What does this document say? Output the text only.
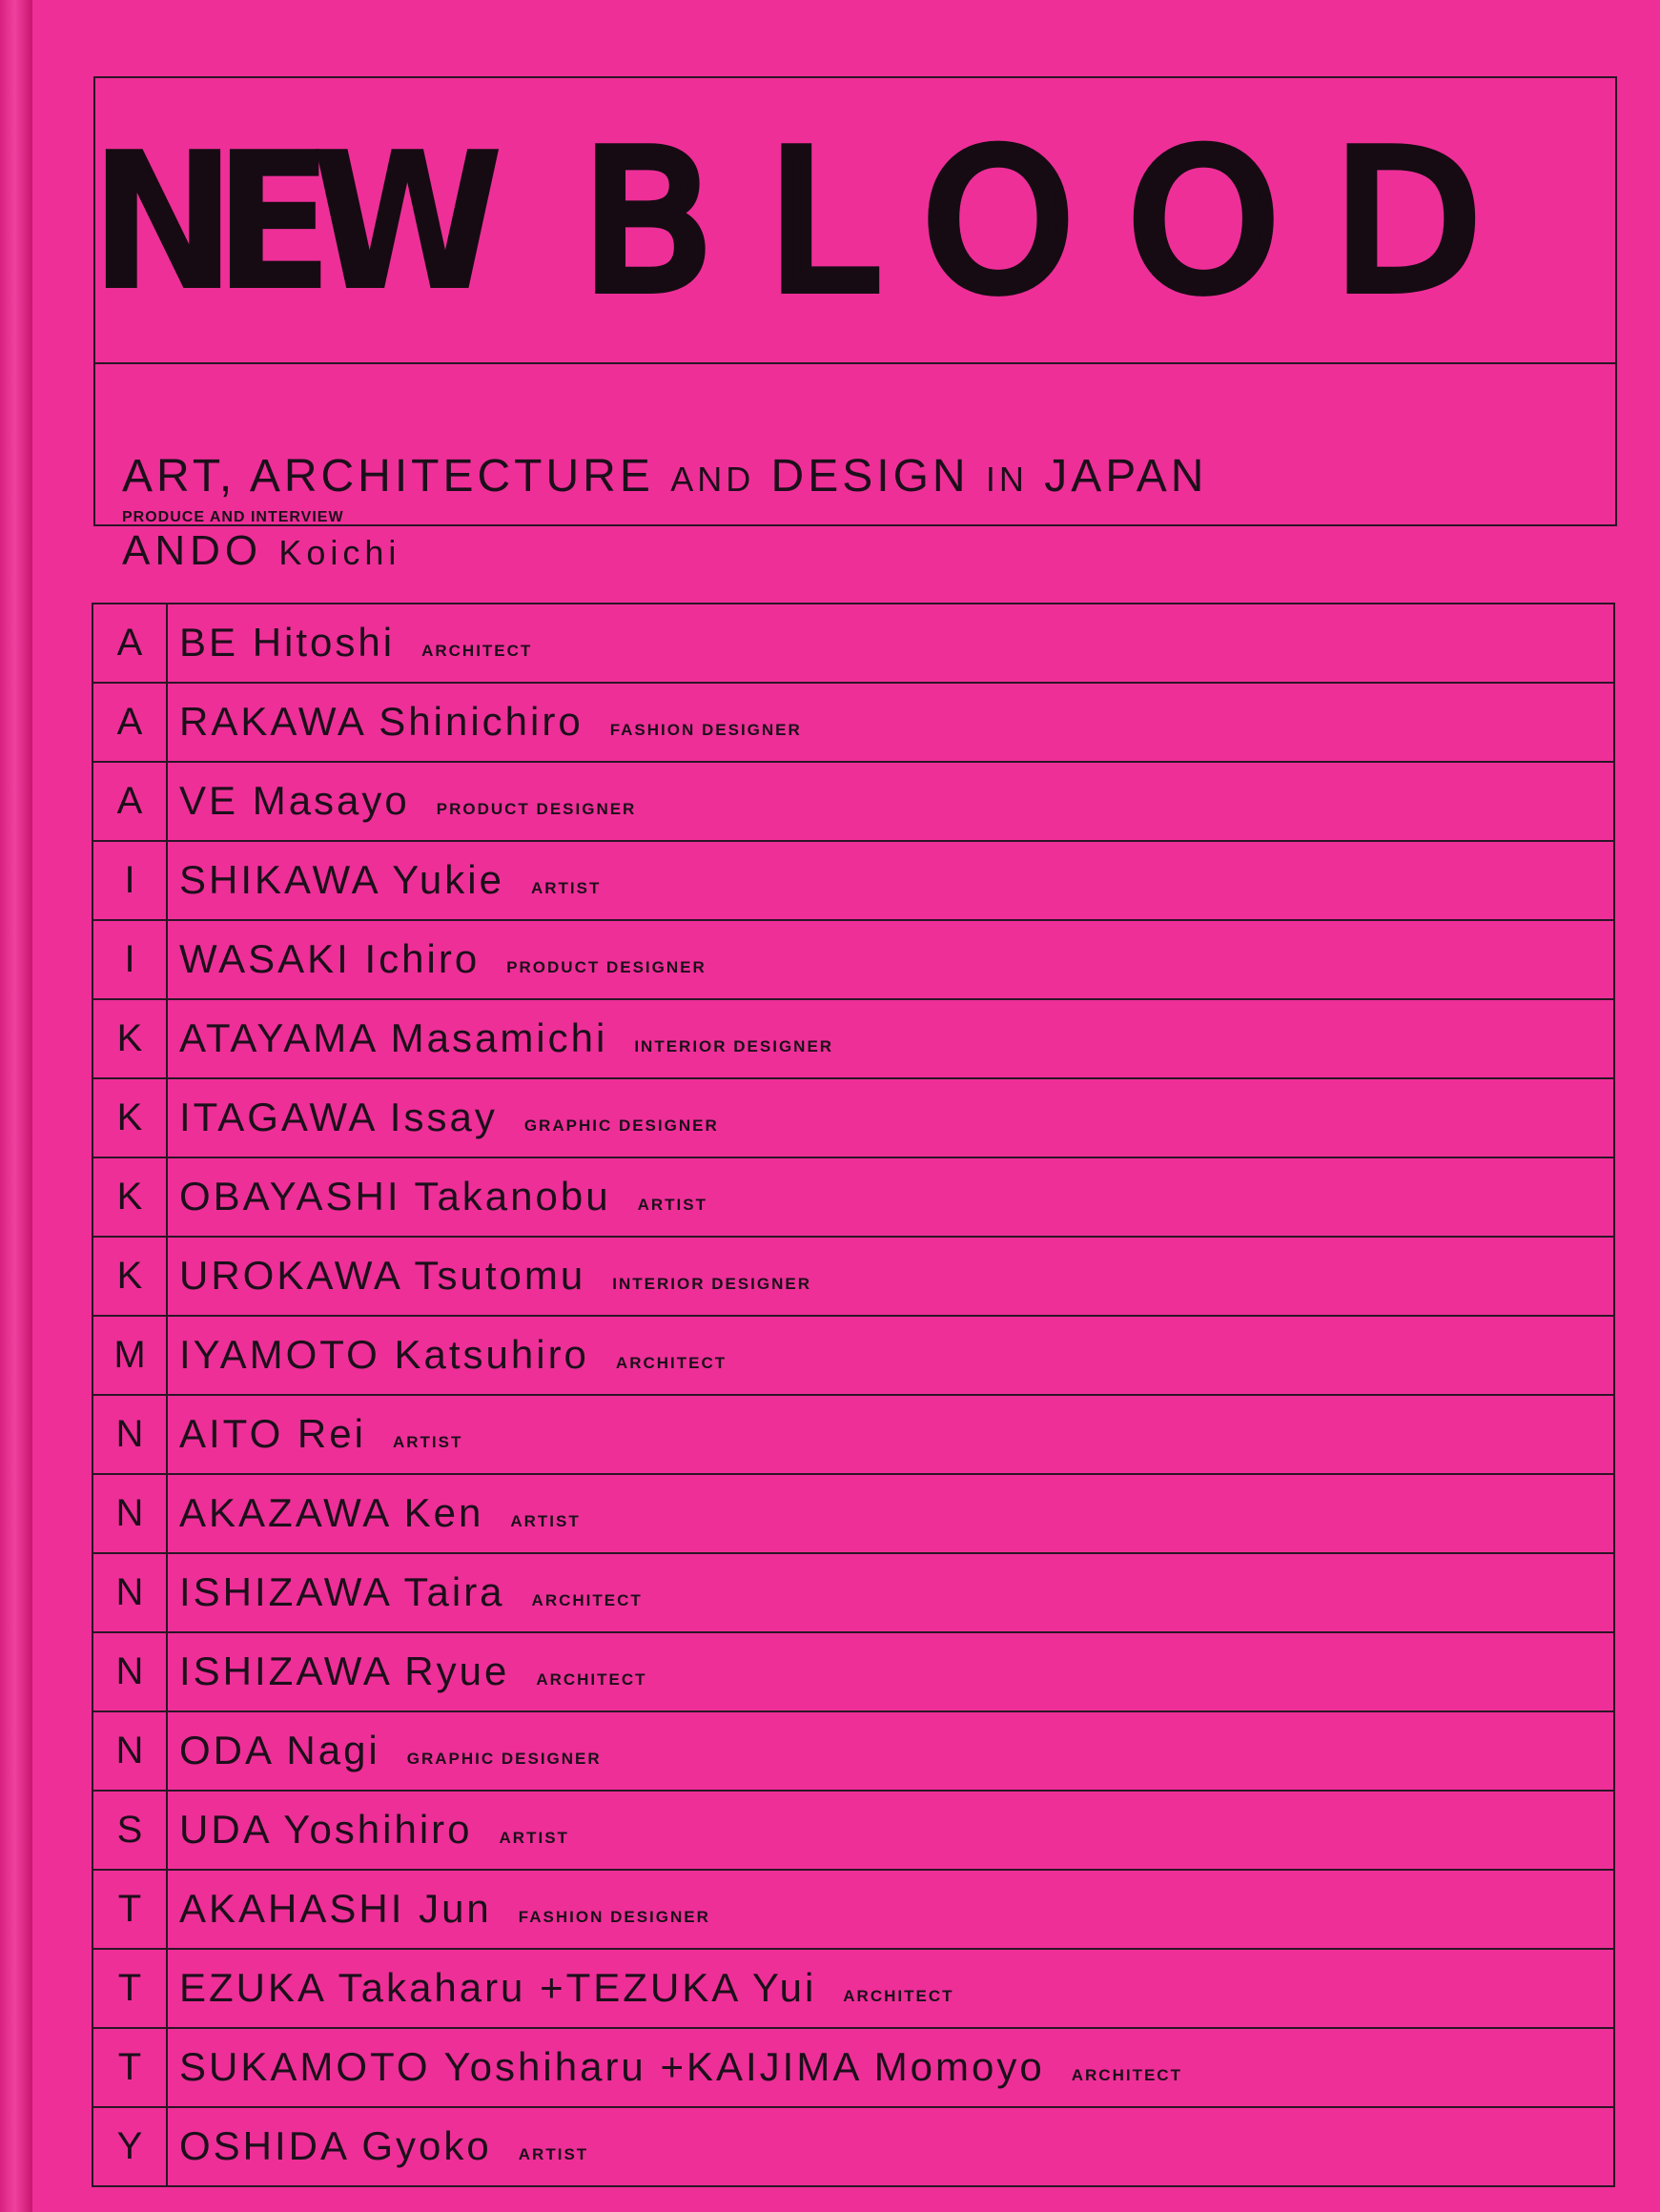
NEW BLOOD
ART, ARCHITECTURE AND DESIGN IN JAPAN
PRODUCE AND INTERVIEW
ANDO Koichi
A BE Hitoshi ARCHITECT
A RAKAWA Shinichiro FASHION DESIGNER
A VE Masayo PRODUCT DESIGNER
I	SHIKAWA Yukie ARTIST
I	WASAKI Ichiro PRODUCT DESIGNER
K ATAYAMA Masamichi INTERIOR DESIGNER
K ITAGAWA Issay GRAPHIC DESIGNER
K OBAYASHI Takanobu ARTIST
K UROKAWA Tsutomu INTERIOR DESIGNER
M IYAMOTO Katsuhiro ARCHITECT
N AITO Rei ARTIST
N AKAZAWA Ken ARTIST
N ISHIZAWA Taira ARCHITECT
N ISHIZAWA Ryue ARCHITECT
N ODA Nagi GRAPHIC DESIGNER
S UDA Yoshihiro ARTIST
T AKAHASHI Jun FASHION DESIGNER
T EZUKA Takaharu +TEZUKA Yui ARCHITECT
T SUKAMOTO Yoshiharu +KAIJIMA Momoyo ARCHITECT
Y OSHIDA Gyoko ARTIST
